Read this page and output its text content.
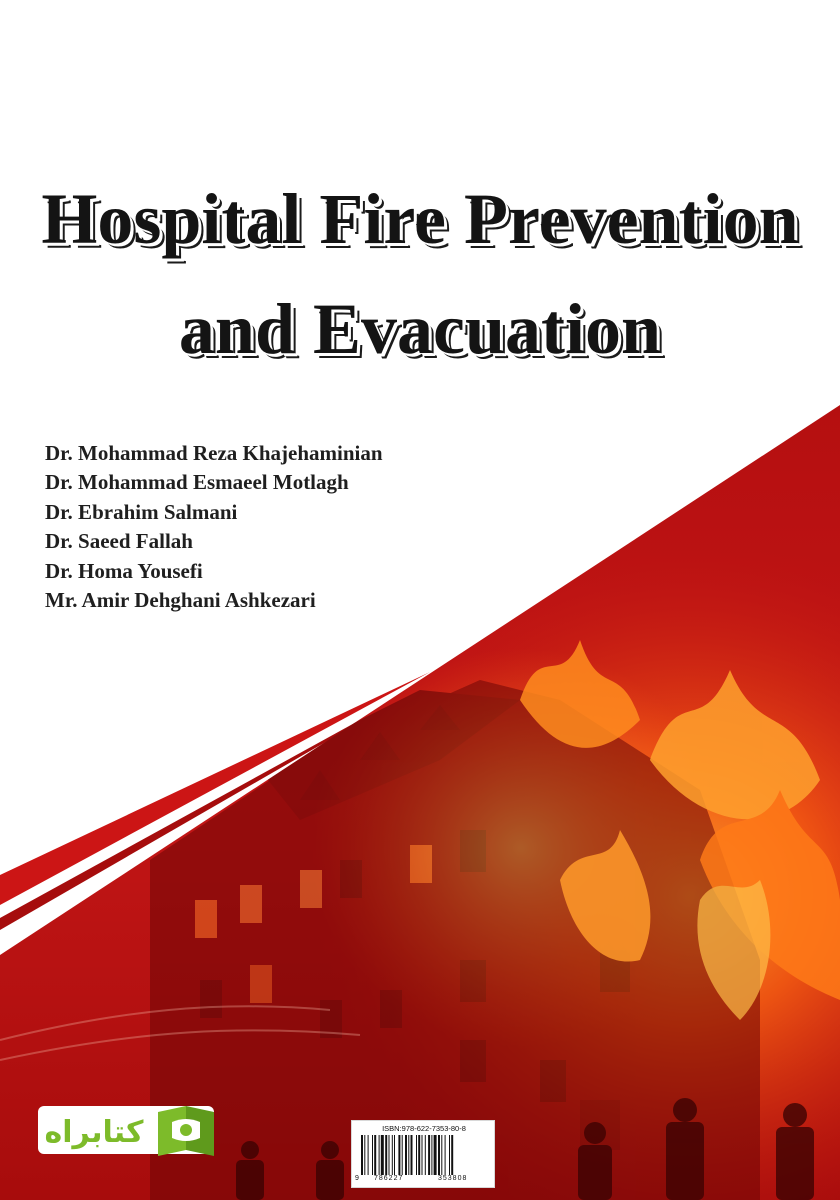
Hospital Fire Prevention
and Evacuation
Dr. Mohammad Reza Khajehaminian
Dr. Mohammad Esmaeel Motlagh
Dr. Ebrahim Salmani
Dr. Saeed Fallah
Dr. Homa Yousefi
Mr. Amir Dehghani Ashkezari
کتابراه	ISBN:978-622-7353-80-8
9 786227	353808
